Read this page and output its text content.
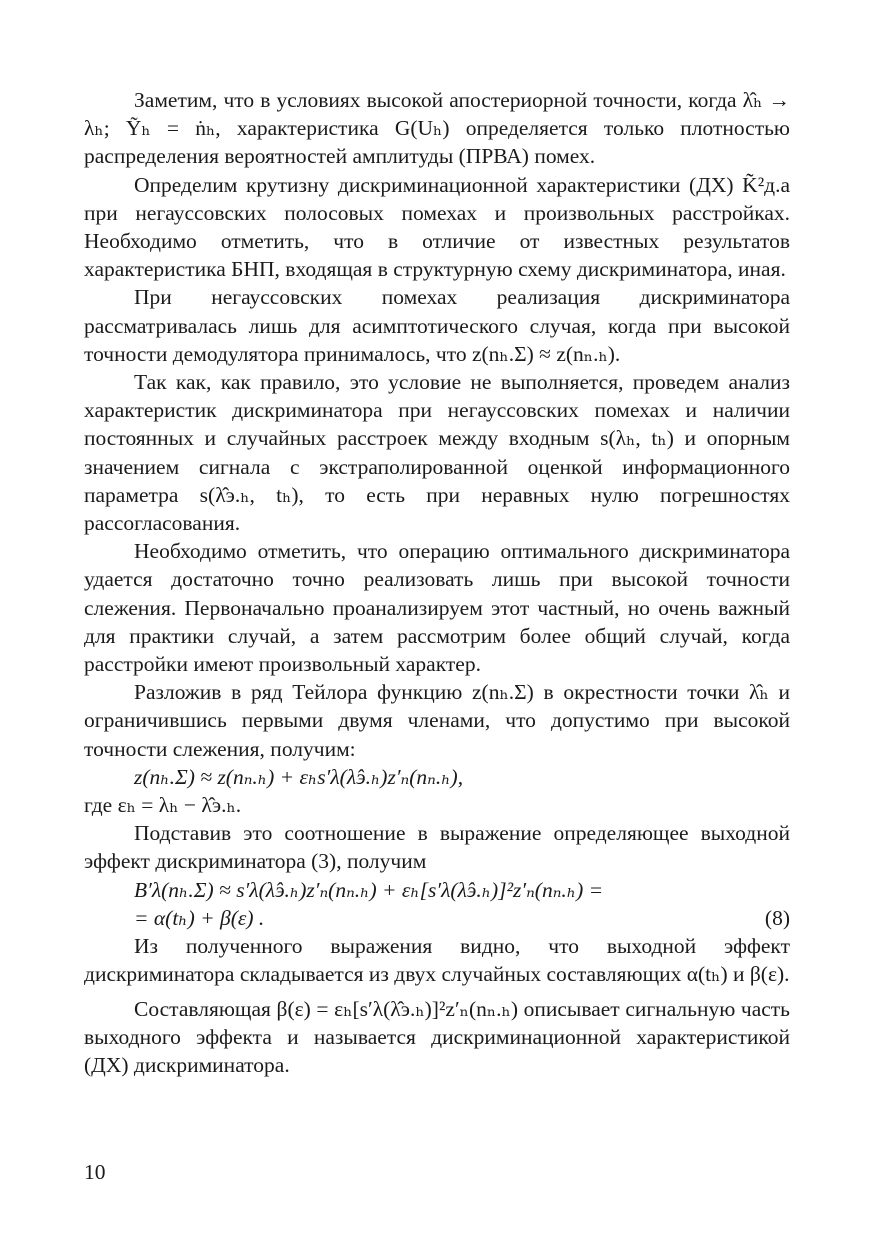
Заметим, что в условиях высокой апостериорной точности, когда λ̂ₕ → λₕ; Ỹₕ = ṅₕ, характеристика G(Uₕ) определяется только плотностью распределения вероятностей амплитуды (ПРВА) помех.

Определим крутизну дискриминационной характеристики (ДХ) K̃̃²д.а при негауссовских полосовых помехах и произвольных расстройках. Необходимо отметить, что в отличие от известных результатов характеристика БНП, входящая в структурную схему дискриминатора, иная.

При негауссовских помехах реализация дискриминатора рассматривалась лишь для асимптотического случая, когда при высокой точности демодулятора принималось, что z(nₕ.Σ) ≈ z(nₙ.ₕ).

Так как, как правило, это условие не выполняется, проведем анализ характеристик дискриминатора при негауссовских помехах и наличии постоянных и случайных расстроек между входным s(λₕ, tₕ) и опорным значением сигнала с экстраполированной оценкой информационного параметра s(λ̂э.ₕ, tₕ), то есть при неравных нулю погрешностях рассогласования.

Необходимо отметить, что операцию оптимального дискриминатора удается достаточно точно реализовать лишь при высокой точности слежения. Первоначально проанализируем этот частный, но очень важный для практики случай, а затем рассмотрим более общий случай, когда расстройки имеют произвольный характер.

Разложив в ряд Тейлора функцию z(nₕ.Σ) в окрестности точки λ̂ₕ и ограничившись первыми двумя членами, что допустимо при высокой точности слежения, получим:

z(nₕ.Σ) ≈ z(nₙ.ₕ) + εₕs′λ(λ̂э.ₕ)z′ₙ(nₙ.ₕ),

где εₕ = λₕ − λ̂э.ₕ.

Подставив это соотношение в выражение определяющее выходной эффект дискриминатора (3), получим

B′λ(nₕ.Σ) ≈ s′λ(λ̂э.ₕ)z′ₙ(nₙ.ₕ) + εₕ[s′λ(λ̂э.ₕ)]²z′ₙ(nₙ.ₕ) =

= α(tₕ) + β(ε) .	(8)

Из полученного выражения видно, что выходной эффект дискриминатора складывается из двух случайных составляющих α(tₕ) и β(ε).

Составляющая β(ε) = εₕ[s′λ(λ̂э.ₕ)]²z′ₙ(nₙ.ₕ) описывает сигнальную часть выходного эффекта и называется дискриминационной характеристикой (ДХ) дискриминатора.

10
